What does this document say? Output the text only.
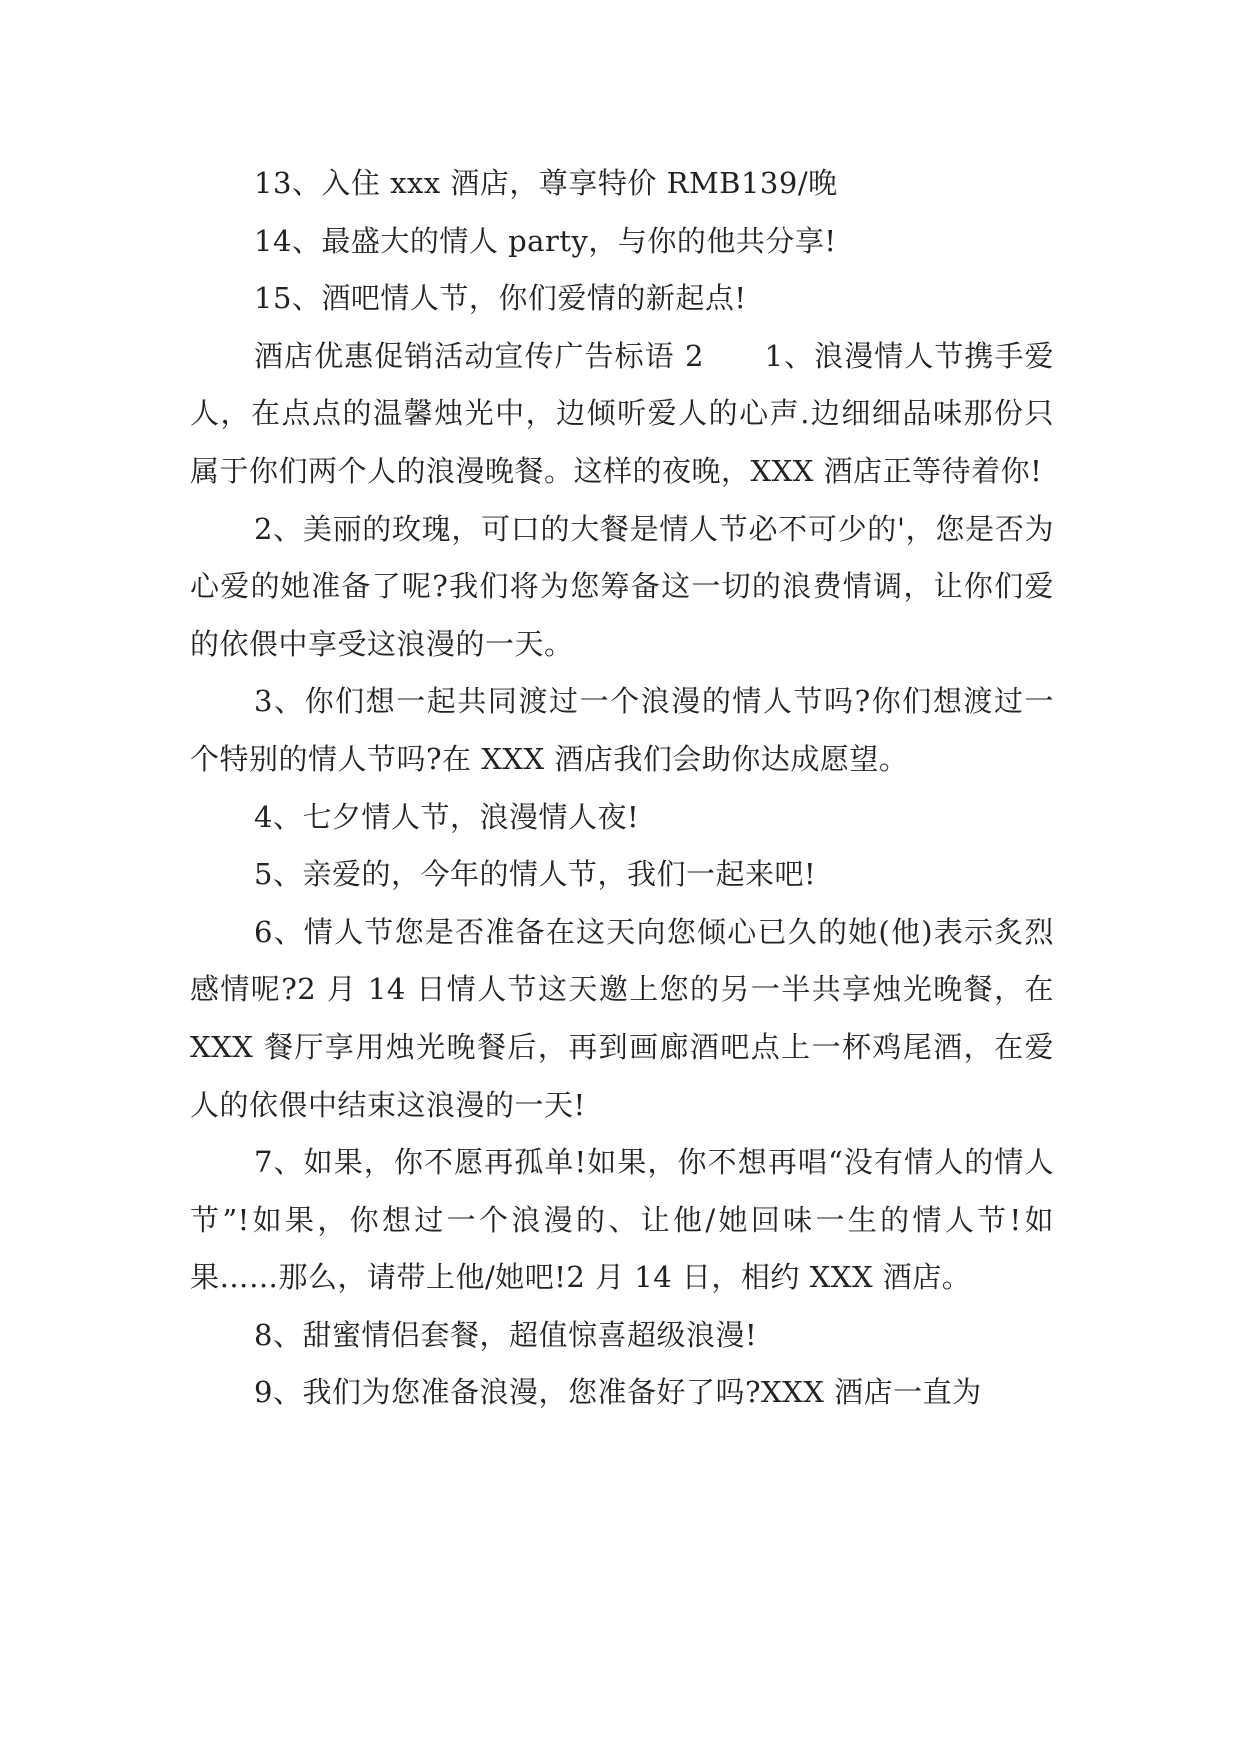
13、入住 xxx 酒店，尊享特价 RMB139/晚

14、最盛大的情人 party，与你的他共分享!

15、酒吧情人节，你们爱情的新起点!

酒店优惠促销活动宣传广告标语 2　　1、浪漫情人节携手爱人，在点点的温馨烛光中，边倾听爱人的心声.边细细品味那份只属于你们两个人的浪漫晚餐。这样的夜晚，XXX 酒店正等待着你!

2、美丽的玫瑰，可口的大餐是情人节必不可少的'，您是否为心爱的她准备了呢?我们将为您筹备这一切的浪费情调，让你们爱的依偎中享受这浪漫的一天。

3、你们想一起共同渡过一个浪漫的情人节吗?你们想渡过一个特别的情人节吗?在 XXX 酒店我们会助你达成愿望。

4、七夕情人节，浪漫情人夜!

5、亲爱的，今年的情人节，我们一起来吧!

6、情人节您是否准备在这天向您倾心已久的她(他)表示炙烈感情呢?2 月 14 日情人节这天邀上您的另一半共享烛光晚餐，在 XXX 餐厅享用烛光晚餐后，再到画廊酒吧点上一杯鸡尾酒，在爱人的依偎中结束这浪漫的一天!

7、如果，你不愿再孤单!如果，你不想再唱“没有情人的情人节”!如果，你想过一个浪漫的、让他/她回味一生的情人节!如果……那么，请带上他/她吧!2 月 14 日，相约 XXX 酒店。

8、甜蜜情侣套餐，超值惊喜超级浪漫!

9、我们为您准备浪漫，您准备好了吗?XXX 酒店一直为
